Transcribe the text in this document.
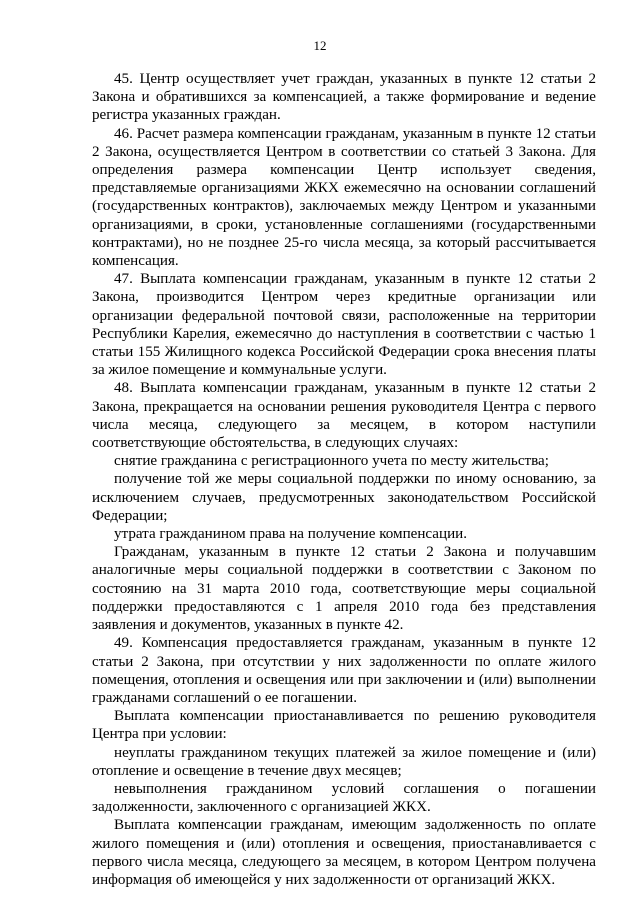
12

45. Центр осуществляет учет граждан, указанных в пункте 12 статьи 2 Закона и обратившихся за компенсацией, а также формирование и ведение регистра указанных граждан.

46. Расчет размера компенсации гражданам, указанным в пункте 12 статьи 2 Закона, осуществляется Центром в соответствии со статьей 3 Закона. Для определения размера компенсации Центр использует сведения, представляемые организациями ЖКХ ежемесячно на основании соглашений (государственных контрактов), заключаемых между Центром и указанными организациями, в сроки, установленные соглашениями (государственными контрактами), но не позднее 25-го числа месяца, за который рассчитывается компенсация.

47. Выплата компенсации гражданам, указанным в пункте 12 статьи 2 Закона, производится Центром через кредитные организации или организации федеральной почтовой связи, расположенные на территории Республики Карелия, ежемесячно до наступления в соответствии с частью 1 статьи 155 Жилищного кодекса Российской Федерации срока внесения платы за жилое помещение и коммунальные услуги.

48. Выплата компенсации гражданам, указанным в пункте 12 статьи 2 Закона, прекращается на основании решения руководителя Центра с первого числа месяца, следующего за месяцем, в котором наступили соответствующие обстоятельства, в следующих случаях:

снятие гражданина с регистрационного учета по месту жительства;

получение той же меры социальной поддержки по иному основанию, за исключением случаев, предусмотренных законодательством Российской Федерации;

утрата гражданином права на получение компенсации.

Гражданам, указанным в пункте 12 статьи 2 Закона и получавшим аналогичные меры социальной поддержки в соответствии с Законом по состоянию на 31 марта 2010 года, соответствующие меры социальной поддержки предоставляются с 1 апреля 2010 года без представления заявления и документов, указанных в пункте 42.

49. Компенсация предоставляется гражданам, указанным в пункте 12 статьи 2 Закона, при отсутствии у них задолженности по оплате жилого помещения, отопления и освещения или при заключении и (или) выполнении гражданами соглашений о ее погашении.

Выплата компенсации приостанавливается по решению руководителя Центра при условии:

неуплаты гражданином текущих платежей за жилое помещение и (или) отопление и освещение в течение двух месяцев;

невыполнения гражданином условий соглашения о погашении задолженности, заключенного с организацией ЖКХ.

Выплата компенсации гражданам, имеющим задолженность по оплате жилого помещения и (или) отопления и освещения, приостанавливается с первого числа месяца, следующего за месяцем, в котором Центром получена информация об имеющейся у них задолженности от организаций ЖКХ.
